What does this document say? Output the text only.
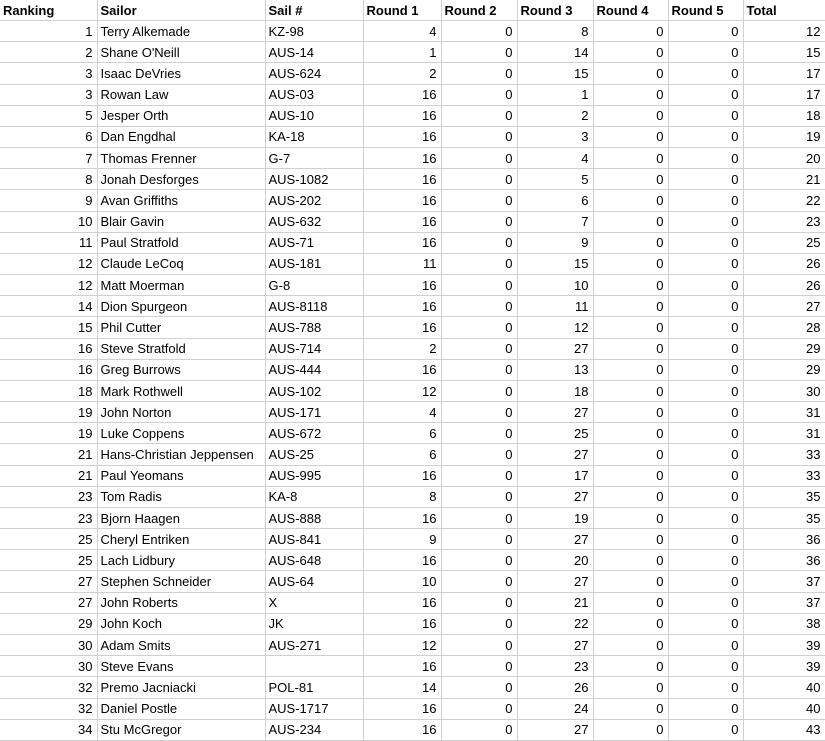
Ranking	Sailor	Sail #	Round 1	Round 2	Round 3	Round 4	Round 5	Total
1	Terry Alkemade	KZ-98	4	0	8	0	0	12
2	Shane O'Neill	AUS-14	1	0	14	0	0	15
3	Isaac DeVries	AUS-624	2	0	15	0	0	17
3	Rowan Law	AUS-03	16	0	1	0	0	17
5	Jesper Orth	AUS-10	16	0	2	0	0	18
6	Dan Engdhal	KA-18	16	0	3	0	0	19
7	Thomas Frenner	G-7	16	0	4	0	0	20
8	Jonah Desforges	AUS-1082	16	0	5	0	0	21
9	Avan Griffiths	AUS-202	16	0	6	0	0	22
10	Blair Gavin	AUS-632	16	0	7	0	0	23
11	Paul Stratfold	AUS-71	16	0	9	0	0	25
12	Claude LeCoq	AUS-181	11	0	15	0	0	26
12	Matt Moerman	G-8	16	0	10	0	0	26
14	Dion Spurgeon	AUS-8118	16	0	11	0	0	27
15	Phil Cutter	AUS-788	16	0	12	0	0	28
16	Steve Stratfold	AUS-714	2	0	27	0	0	29
16	Greg Burrows	AUS-444	16	0	13	0	0	29
18	Mark Rothwell	AUS-102	12	0	18	0	0	30
19	John Norton	AUS-171	4	0	27	0	0	31
19	Luke Coppens	AUS-672	6	0	25	0	0	31
21	Hans-Christian Jeppensen	AUS-25	6	0	27	0	0	33
21	Paul Yeomans	AUS-995	16	0	17	0	0	33
23	Tom Radis	KA-8	8	0	27	0	0	35
23	Bjorn Haagen	AUS-888	16	0	19	0	0	35
25	Cheryl Entriken	AUS-841	9	0	27	0	0	36
25	Lach Lidbury	AUS-648	16	0	20	0	0	36
27	Stephen Schneider	AUS-64	10	0	27	0	0	37
27	John Roberts	X	16	0	21	0	0	37
29	John Koch	JK	16	0	22	0	0	38
30	Adam Smits	AUS-271	12	0	27	0	0	39
30	Steve Evans		16	0	23	0	0	39
32	Premo Jacniacki	POL-81	14	0	26	0	0	40
32	Daniel Postle	AUS-1717	16	0	24	0	0	40
34	Stu McGregor	AUS-234	16	0	27	0	0	43
